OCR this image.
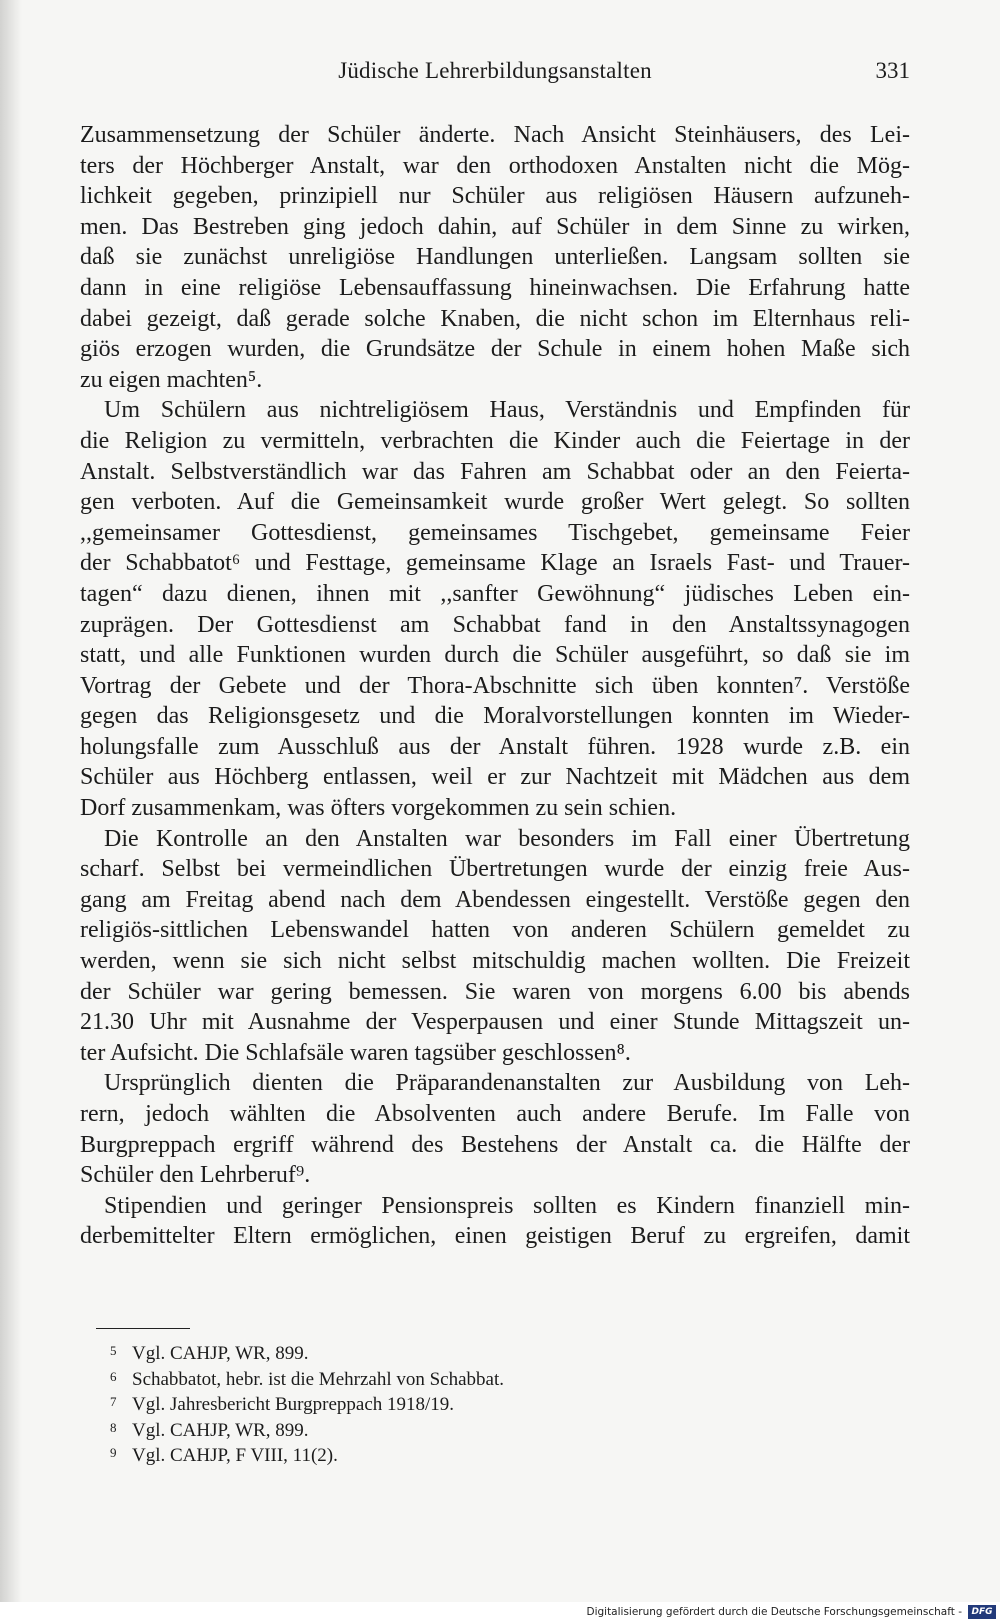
Jüdische Lehrerbildungsanstalten	331
Zusammensetzung der Schüler änderte. Nach Ansicht Steinhäusers, des Lei-
ters der Höchberger Anstalt, war den orthodoxen Anstalten nicht die Mög-
lichkeit gegeben, prinzipiell nur Schüler aus religiösen Häusern aufzuneh-
men. Das Bestreben ging jedoch dahin, auf Schüler in dem Sinne zu wirken,
daß sie zunächst unreligiöse Handlungen unterließen. Langsam sollten sie
dann in eine religiöse Lebensauffassung hineinwachsen. Die Erfahrung hatte
dabei gezeigt, daß gerade solche Knaben, die nicht schon im Elternhaus reli-
giös erzogen wurden, die Grundsätze der Schule in einem hohen Maße sich
zu eigen machten⁵.
Um Schülern aus nichtreligiösem Haus, Verständnis und Empfinden für
die Religion zu vermitteln, verbrachten die Kinder auch die Feiertage in der
Anstalt. Selbstverständlich war das Fahren am Schabbat oder an den Feierta-
gen verboten. Auf die Gemeinsamkeit wurde großer Wert gelegt. So sollten
,,gemeinsamer Gottesdienst, gemeinsames Tischgebet, gemeinsame Feier
der Schabbatot⁶ und Festtage, gemeinsame Klage an Israels Fast- und Trauer-
tagen“ dazu dienen, ihnen mit ,,sanfter Gewöhnung“ jüdisches Leben ein-
zuprägen. Der Gottesdienst am Schabbat fand in den Anstaltssynagogen
statt, und alle Funktionen wurden durch die Schüler ausgeführt, so daß sie im
Vortrag der Gebete und der Thora-Abschnitte sich üben konnten⁷. Verstöße
gegen das Religionsgesetz und die Moralvorstellungen konnten im Wieder-
holungsfalle zum Ausschluß aus der Anstalt führen. 1928 wurde z.B. ein
Schüler aus Höchberg entlassen, weil er zur Nachtzeit mit Mädchen aus dem
Dorf zusammenkam, was öfters vorgekommen zu sein schien.
Die Kontrolle an den Anstalten war besonders im Fall einer Übertretung
scharf. Selbst bei vermeindlichen Übertretungen wurde der einzig freie Aus-
gang am Freitag abend nach dem Abendessen eingestellt. Verstöße gegen den
religiös-sittlichen Lebenswandel hatten von anderen Schülern gemeldet zu
werden, wenn sie sich nicht selbst mitschuldig machen wollten. Die Freizeit
der Schüler war gering bemessen. Sie waren von morgens 6.00 bis abends
21.30 Uhr mit Ausnahme der Vesperpausen und einer Stunde Mittagszeit un-
ter Aufsicht. Die Schlafsäle waren tagsüber geschlossen⁸.
Ursprünglich dienten die Präparandenanstalten zur Ausbildung von Leh-
rern, jedoch wählten die Absolventen auch andere Berufe. Im Falle von
Burgpreppach ergriff während des Bestehens der Anstalt ca. die Hälfte der
Schüler den Lehrberuf⁹.
Stipendien und geringer Pensionspreis sollten es Kindern finanziell min-
derbemittelter Eltern ermöglichen, einen geistigen Beruf zu ergreifen, damit
5 Vgl. CAHJP, WR, 899.
6 Schabbatot, hebr. ist die Mehrzahl von Schabbat.
7 Vgl. Jahresbericht Burgpreppach 1918/19.
8 Vgl. CAHJP, WR, 899.
9 Vgl. CAHJP, F VIII, 11(2).
Digitalisierung gefördert durch die Deutsche Forschungsgemeinschaft -	DFG
